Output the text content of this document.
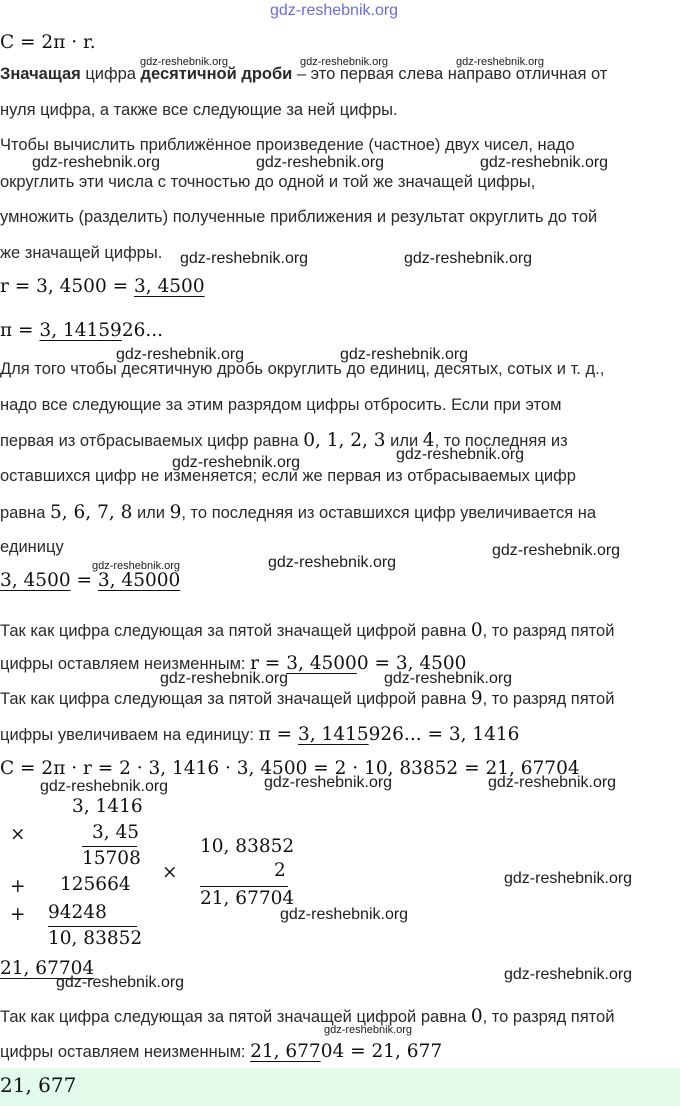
gdz-reshebnik.org
C = 2π · r.
gdz-reshebnik.org	gdz-reshebnik.org	gdz-reshebnik.org
Значащая цифра десятичной дроби – это первая слева направо отличная от
нуля цифра, а также все следующие за ней цифры.
Чтобы вычислить приближённое произведение (частное) двух чисел, надо
gdz-reshebnik.org	gdz-reshebnik.org	gdz-reshebnik.org
округлить эти числа с точностью до одной и той же значащей цифры,
умножить (разделить) полученные приближения и результат округлить до той
же значащей цифры. gdz-reshebnik.org	gdz-reshebnik.org
r = 3, 4500 = 3, 4500
π = 3, 1415926...
gdz-reshebnik.org	gdz-reshebnik.org
Для того чтобы десятичную дробь округлить до единиц, десятых, сотых и т. д.,
надо все следующие за этим разрядом цифры отбросить. Если при этом
первая из отбрасываемых цифр равна 0, 1, 2, 3 или 4, то последняя из
gdz-reshebnik.org	gdz-reshebnik.org
оставшихся цифр не изменяется; если же первая из отбрасываемых цифр
равна 5, 6, 7, 8 или 9, то последняя из оставшихся цифр увеличивается на
единицу	gdz-reshebnik.org
gdz-reshebnik.org	gdz-reshebnik.org
3, 4500 = 3, 45000
Так как цифра следующая за пятой значащей цифрой равна 0, то разряд пятой
цифры оставляем неизменным: r = 3, 45000 = 3, 4500
gdz-reshebnik.org	gdz-reshebnik.org
Так как цифра следующая за пятой значащей цифрой равна 9, то разряд пятой
цифры увеличиваем на единицу: π = 3, 1415926... = 3, 1416
C = 2π · r = 2 · 3, 1416 · 3, 4500 = 2 · 10, 83852 = 21, 67704
gdz-reshebnik.org	gdz-reshebnik.org	gdz-reshebnik.org
3, 1416
×	3, 45
15708
+ 125664
+ 94248
10, 83852
10, 83852
×	2
21, 67704
gdz-reshebnik.org
gdz-reshebnik.org
21, 67704
gdz-reshebnik.org	gdz-reshebnik.org
Так как цифра следующая за пятой значащей цифрой равна 0, то разряд пятой
gdz-reshebnik.org
цифры оставляем неизменным: 21, 67704 = 21, 677
21, 677
